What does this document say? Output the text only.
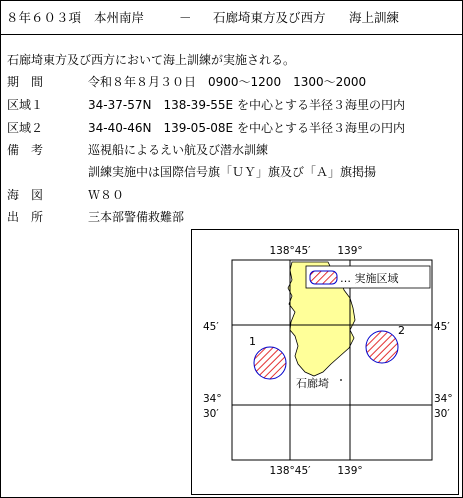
８年６０３項 本州南岸	－ 石廊埼東方及び西方 海上訓練
石廊埼東方及び西方において海上訓練が実施される。
期　間	令和８年８月３０日　0900～1200　1300～2000
区域１	34-37-57N　138-39-55E を中心とする半径３海里の円内
区域２	34-40-46N　139-05-08E を中心とする半径３海里の円内
備　考	巡視船によるえい航及び潜水訓練
訓練実施中は国際信号旗「ＵＹ」旗及び「Ａ」旗掲揚
海　図	Ｗ８０
出　所	三本部警備救難部
1
2
石廊埼
… 実施区域
138°45′	139°
138°45′	139°
45′	45′
34°
30′
34°
30′
